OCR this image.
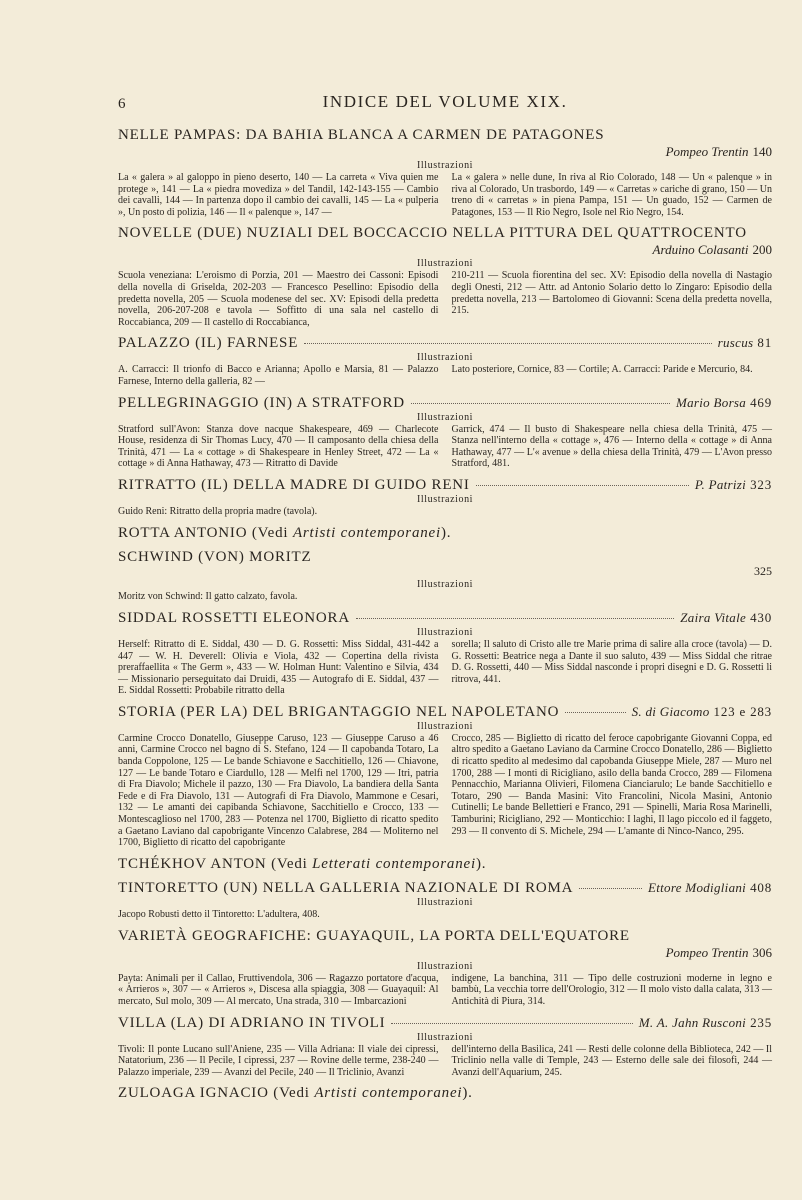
6	INDICE DEL VOLUME XIX.
NELLE PAMPAS: DA BAHIA BLANCA A CARMEN DE PATAGONES
Pompeo Trentin 140
Illustrazioni
La « galera » al galoppo in pieno deserto, 140 — La carreta « Viva quien me protege », 141 — La « piedra movediza » del Tandil, 142-143-155 — Cambio dei cavalli, 144 — In partenza dopo il cambio dei cavalli, 145 — La « pulperia », Un posto di polizia, 146 — Il « palenque », 147 —
La « galera » nelle dune, In riva al Rio Colorado, 148 — Un « palenque » in riva al Colorado, Un trasbordo, 149 — « Carretas » cariche di grano, 150 — Un treno di « carretas » in piena Pampa, 151 — Un guado, 152 — Carmen de Patagones, 153 — Il Rio Negro, Isole nel Rio Negro, 154.
NOVELLE (DUE) NUZIALI DEL BOCCACCIO NELLA PITTURA DEL QUATTROCENTO
Arduino Colasanti 200
Illustrazioni
Scuola veneziana: L'eroismo di Porzia, 201 — Maestro dei Cassoni: Episodi della novella di Griselda, 202-203 — Francesco Pesellino: Episodio della predetta novella, 205 — Scuola modenese del sec. XV: Episodi della predetta novella, 206-207-208 e tavola — Soffitto di una sala nel castello di Roccabianca, 209 — Il castello di Roccabianca,
210-211 — Scuola fiorentina del sec. XV: Episodio della novella di Nastagio degli Onesti, 212 — Attr. ad Antonio Solario detto lo Zingaro: Episodio della predetta novella, 213 — Bartolomeo di Giovanni: Scena della predetta novella, 215.
PALAZZO (IL) FARNESE	ruscus 81
Illustrazioni
A. Carracci: Il trionfo di Bacco e Arianna; Apollo e Marsia, 81 — Palazzo Farnese, Interno della galleria, 82 —
Lato posteriore, Cornice, 83 — Cortile; A. Carracci: Paride e Mercurio, 84.
PELLEGRINAGGIO (IN) A STRATFORD	Mario Borsa 469
Illustrazioni
Stratford sull'Avon: Stanza dove nacque Shakespeare, 469 — Charlecote House, residenza di Sir Thomas Lucy, 470 — Il camposanto della chiesa della Trinità, 471 — La « cottage » di Shakespeare in Henley Street, 472 — La « cottage » di Anna Hathaway, 473 — Ritratto di Davide
Garrick, 474 — Il busto di Shakespeare nella chiesa della Trinità, 475 — Stanza nell'interno della « cottage », 476 — Interno della « cottage » di Anna Hathaway, 477 — L'« avenue » della chiesa della Trinità, 479 — L'Avon presso Stratford, 481.
RITRATTO (IL) DELLA MADRE DI GUIDO RENI	P. Patrizi 323
Illustrazioni
Guido Reni: Ritratto della propria madre (tavola).
ROTTA ANTONIO (Vedi Artisti contemporanei).
SCHWIND (VON) MORITZ
325
Illustrazioni
Moritz von Schwind: Il gatto calzato, favola.
SIDDAL ROSSETTI ELEONORA	Zaira Vitale 430
Illustrazioni
Herself: Ritratto di E. Siddal, 430 — D. G. Rossetti: Miss Siddal, 431-442 a 447 — W. H. Deverell: Olivia e Viola, 432 — Copertina della rivista preraffaellita « The Germ », 433 — W. Holman Hunt: Valentino e Silvia, 434 — Missionario perseguitato dai Druidi, 435 — Autografo di E. Siddal, 437 — E. Siddal Rossetti: Probabile ritratto della
sorella; Il saluto di Cristo alle tre Marie prima di salire alla croce (tavola) — D. G. Rossetti: Beatrice nega a Dante il suo saluto, 439 — Miss Siddal che ritrae D. G. Rossetti, 440 — Miss Siddal nasconde i propri disegni e D. G. Rossetti li ritrova, 441.
STORIA (PER LA) DEL BRIGANTAGGIO NEL NAPOLETANO	S. di Giacomo 123 e 283
Illustrazioni
Carmine Crocco Donatello, Giuseppe Caruso, 123 — Giuseppe Caruso a 46 anni, Carmine Crocco nel bagno di S. Stefano, 124 — Il capobanda Totaro, La banda Coppolone, 125 — Le bande Schiavone e Sacchitiello, 126 — Chiavone, 127 — Le bande Totaro e Ciardullo, 128 — Melfi nel 1700, 129 — Itri, patria di Fra Diavolo; Michele il pazzo, 130 — Fra Diavolo, La bandiera della Santa Fede e di Fra Diavolo, 131 — Autografi di Fra Diavolo, Mammone e Cesari, 132 — Le amanti dei capibanda Schiavone, Sacchitiello e Crocco, 133 — Montescaglioso nel 1700, 283 — Potenza nel 1700, Biglietto di ricatto spedito a Gaetano Laviano dal capobrigante Vincenzo Calabrese, 284 — Moliterno nel 1700, Biglietto di ricatto del capobrigante
Crocco, 285 — Biglietto di ricatto del feroce capobrigante Giovanni Coppa, ed altro spedito a Gaetano Laviano da Carmine Crocco Donatello, 286 — Biglietto di ricatto spedito al medesimo dal capobanda Giuseppe Miele, 287 — Muro nel 1700, 288 — I monti di Ricigliano, asilo della banda Crocco, 289 — Filomena Pennacchio, Marianna Olivieri, Filomena Cianciarulo; Le bande Sacchitiello e Totaro, 290 — Banda Masini: Vito Francolini, Nicola Masini, Antonio Cutinelli; Le bande Bellettieri e Franco, 291 — Spinelli, Maria Rosa Marinelli, Tamburini; Ricigliano, 292 — Monticchio: I laghi, Il lago piccolo ed il faggeto, 293 — Il convento di S. Michele, 294 — L'amante di Ninco-Nanco, 295.
TCHÉKHOV ANTON (Vedi Letterati contemporanei).
TINTORETTO (UN) NELLA GALLERIA NAZIONALE DI ROMA	Ettore Modigliani 408
Illustrazioni
Jacopo Robusti detto il Tintoretto: L'adultera, 408.
VARIETÀ GEOGRAFICHE: GUAYAQUIL, LA PORTA DELL'EQUATORE
Pompeo Trentin 306
Illustrazioni
Payta: Animali per il Callao, Fruttivendola, 306 — Ragazzo portatore d'acqua, « Arrieros », 307 — « Arrieros », Discesa alla spiaggia, 308 — Guayaquil: Al mercato, Sul molo, 309 — Al mercato, Una strada, 310 — Imbarcazioni
indigene, La banchina, 311 — Tipo delle costruzioni moderne in legno e bambù, La vecchia torre dell'Orologio, 312 — Il molo visto dalla calata, 313 — Antichità di Piura, 314.
VILLA (LA) DI ADRIANO IN TIVOLI	M. A. Jahn Rusconi 235
Illustrazioni
Tivoli: Il ponte Lucano sull'Aniene, 235 — Villa Adriana: Il viale dei cipressi, Natatorium, 236 — Il Pecile, I cipressi, 237 — Rovine delle terme, 238-240 — Palazzo imperiale, 239 — Avanzi del Pecile, 240 — Il Triclinio, Avanzi
dell'interno della Basilica, 241 — Resti delle colonne della Biblioteca, 242 — Il Triclinio nella valle di Temple, 243 — Esterno delle sale dei filosofi, 244 — Avanzi dell'Aquarium, 245.
ZULOAGA IGNACIO (Vedi Artisti contemporanei).
